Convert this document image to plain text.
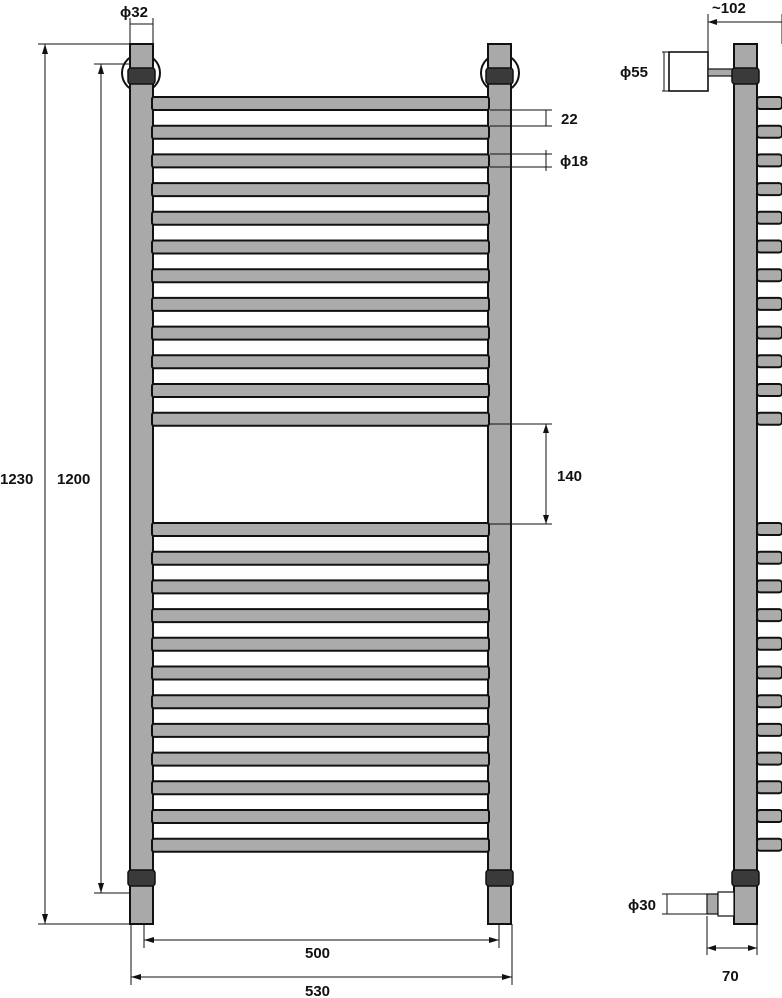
ϕ32
1230 1200
22
ϕ18
140
500
530
~102
ϕ55
ϕ30
70
